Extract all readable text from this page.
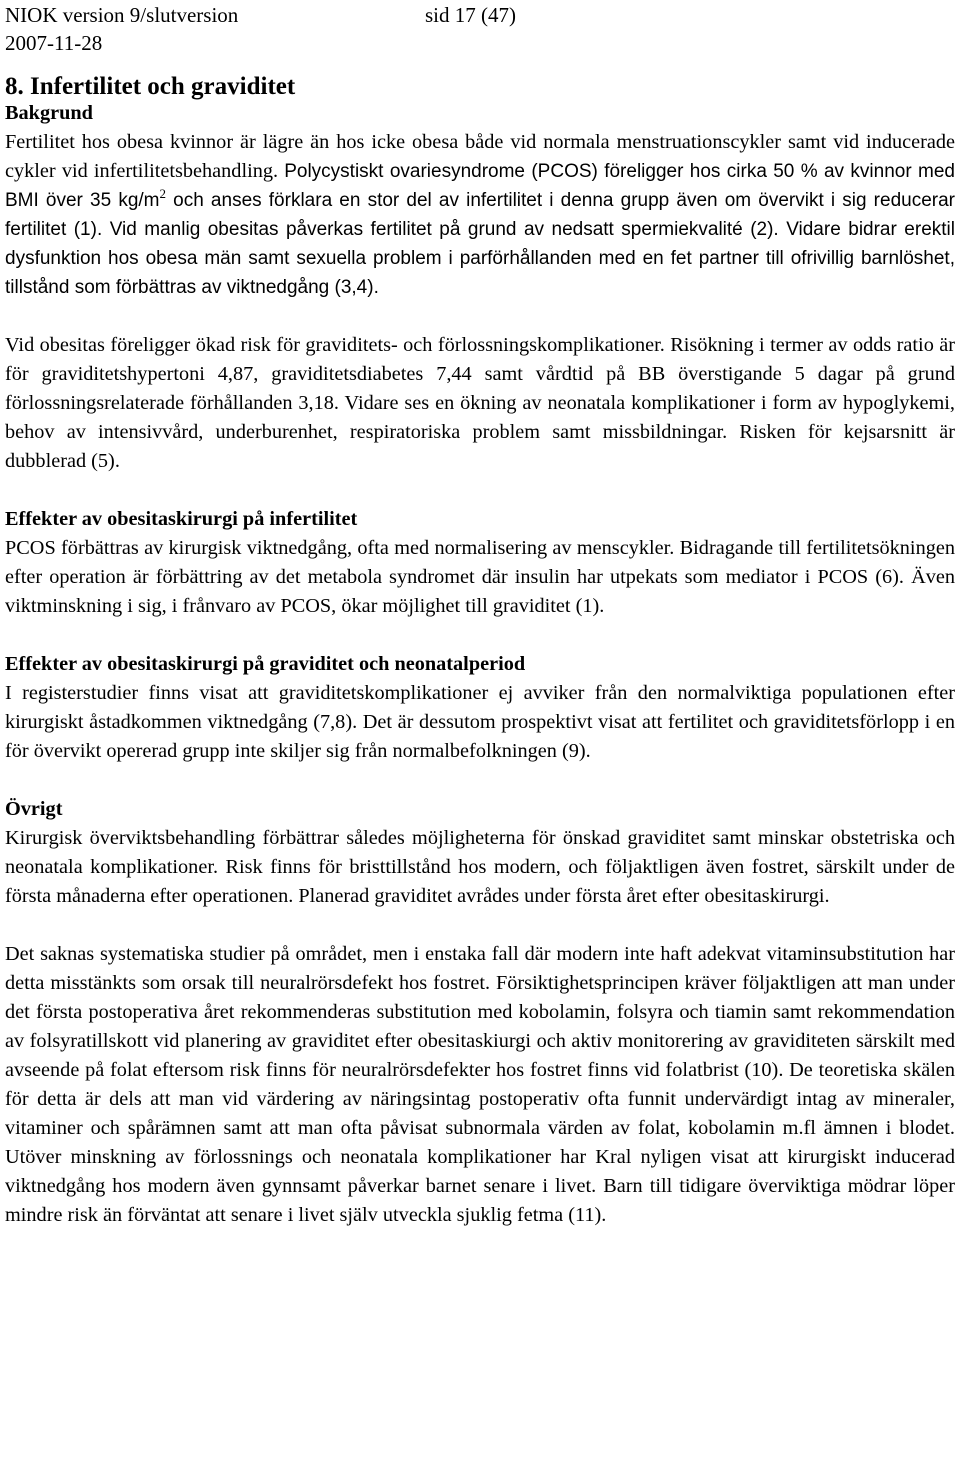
NIOK version 9/slutversion	sid 17 (47)
2007-11-28
8. Infertilitet och graviditet

Bakgrund

Fertilitet hos obesa kvinnor är lägre än hos icke obesa både vid normala menstruationscykler samt vid inducerade cykler vid infertilitetsbehandling. Polycystiskt ovariesyndrome (PCOS) föreligger hos cirka 50 % av kvinnor med BMI över 35 $kg/m^2$ och anses förklara en stor del av infertilitet i denna grupp även om övervikt i sig reducerar fertilitet (1). Vid manlig obesitas påverkas fertilitet på grund av nedsatt spermiekvalité (2). Vidare bidrar erektil dysfunktion hos obesa män samt sexuella problem i parförhållanden med en fet partner till ofrivillig barnlöshet, tillstånd som förbättras av viktnedgång (3,4).

Vid obesitas föreligger ökad risk för graviditets- och förlossningskomplikationer. Risökning i termer av odds ratio är för graviditetshypertoni 4,87, graviditetsdiabetes 7,44 samt vårdtid på BB överstigande 5 dagar på grund förlossningsrelaterade förhållanden 3,18. Vidare ses en ökning av neonatala komplikationer i form av hypoglykemi, behov av intensivvård, underburenhet, respiratoriska problem samt missbildningar. Risken för kejsarsnitt är dubblerad (5).

Effekter av obesitaskirurgi på infertilitet

PCOS förbättras av kirurgisk viktnedgång, ofta med normalisering av menscykler. Bidragande till fertilitetsökningen efter operation är förbättring av det metabola syndromet där insulin har utpekats som mediator i PCOS (6). Även viktminskning i sig, i frånvaro av PCOS, ökar möjlighet till graviditet (1).

Effekter av obesitaskirurgi på graviditet och neonatalperiod

I registerstudier finns visat att graviditetskomplikationer ej avviker från den normalviktiga populationen efter kirurgiskt åstadkommen viktnedgång (7,8). Det är dessutom prospektivt visat att fertilitet och graviditetsförlopp i en för övervikt opererad grupp inte skiljer sig från normalbefolkningen (9).

Övrigt

Kirurgisk överviktsbehandling förbättrar således möjligheterna för önskad graviditet samt minskar obstetriska och neonatala komplikationer. Risk finns för bristtillstånd hos modern, och följaktligen även fostret, särskilt under de första månaderna efter operationen. Planerad graviditet avrådes under första året efter obesitaskirurgi.

Det saknas systematiska studier på området, men i enstaka fall där modern inte haft adekvat vitaminsubstitution har detta misstänkts som orsak till neuralrörsdefekt hos fostret. Försiktighetsprincipen kräver följaktligen att man under det första postoperativa året rekommenderas substitution med kobolamin, folsyra och tiamin samt rekommendation av folsyratillskott vid planering av graviditet efter obesitaskiurgi och aktiv monitorering av graviditeten särskilt med avseende på folat eftersom risk finns för neuralrörsdefekter hos fostret finns vid folatbrist (10). De teoretiska skälen för detta är dels att man vid värdering av näringsintag postoperativ ofta funnit undervärdigt intag av mineraler, vitaminer och spårämnen samt att man ofta påvisat subnormala värden av folat, kobolamin m.fl ämnen i blodet. Utöver minskning av förlossnings och neonatala komplikationer har Kral nyligen visat att kirurgiskt inducerad viktnedgång hos modern även gynnsamt påverkar barnet senare i livet. Barn till tidigare överviktiga mödrar löper mindre risk än förväntat att senare i livet själv utveckla sjuklig fetma (11).
